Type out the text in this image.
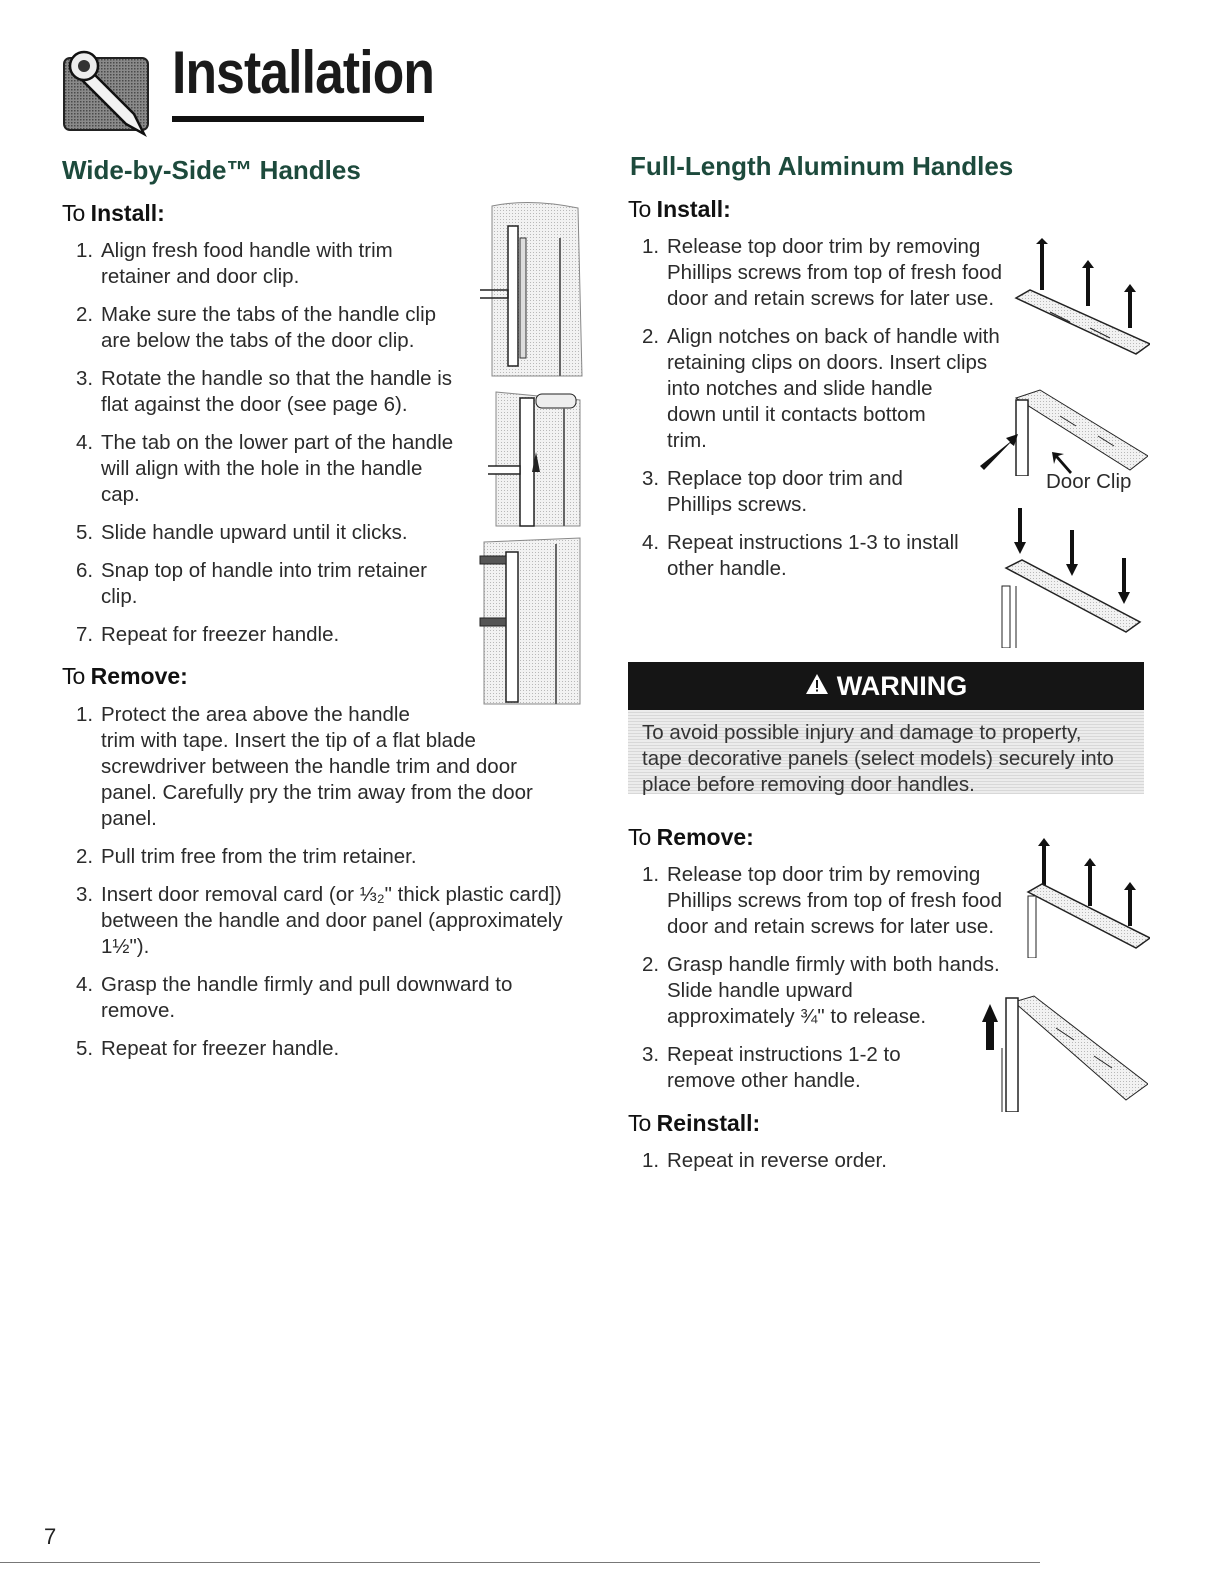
Installation
Wide-by-Side™ Handles
To Install:
1. Align fresh food handle with trim
retainer and door clip.
2. Make sure the tabs of the handle clip
are below the tabs of the door clip.
3. Rotate the handle so that the handle is
flat against the door (see page 6).
4. The tab on the lower part of the handle
will align with the hole in the handle
cap.
5. Slide handle upward until it clicks.
6. Snap top of handle into trim retainer
clip.
7. Repeat for freezer handle.
To Remove:
1. Protect the area above the handle
trim with tape. Insert the tip of a flat blade
screwdriver between the handle trim and door
panel. Carefully pry the trim away from the door
panel.
2. Pull trim free from the trim retainer.
3. Insert door removal card (or ⅓₂" thick plastic card])
between the handle and door panel (approximately
1½").
4. Grasp the handle firmly and pull downward to
remove.
5. Repeat for freezer handle.
Full-Length Aluminum Handles
To Install:
1. Release top door trim by removing
Phillips screws from top of fresh food
door and retain screws for later use.
2. Align notches on back of handle with
retaining clips on doors. Insert clips
into notches and slide handle
down until it contacts bottom
trim.
3. Replace top door trim and
Phillips screws.
4. Repeat instructions 1-3 to install
other handle.
Door Clip
WARNING
To avoid possible injury and damage to property,
tape decorative panels (select models) securely into
place before removing door handles.
To Remove:
1. Release top door trim by removing
Phillips screws from top of fresh food
door and retain screws for later use.
2. Grasp handle firmly with both hands.
Slide handle upward
approximately ¾" to release.
3. Repeat instructions 1-2 to
remove other handle.
To Reinstall:
1. Repeat in reverse order.
7
